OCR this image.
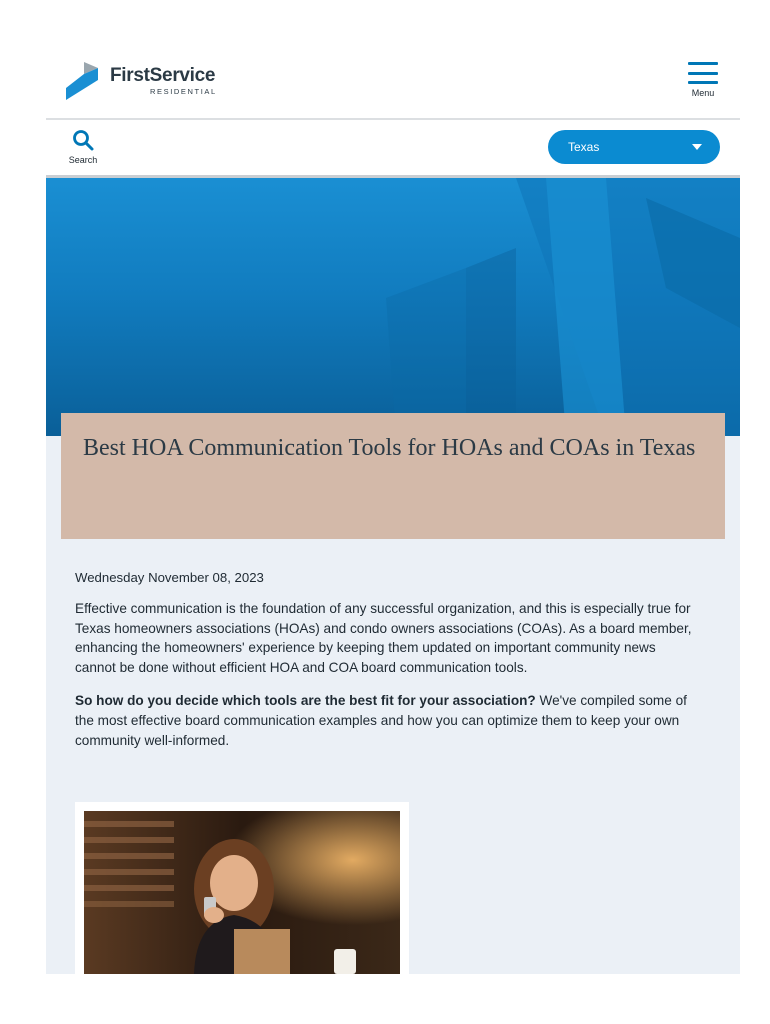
FirstService
RESIDENTIAL	Menu
Search
Texas
Best HOA Communication Tools for HOAs and COAs in Texas

Wednesday November 08, 2023

Effective communication is the foundation of any successful organization, and this is especially true for Texas homeowners associations (HOAs) and condo owners associations (COAs). As a board member, enhancing the homeowners' experience by keeping them updated on important community news cannot be done without efficient HOA and COA board communication tools.

So how do you decide which tools are the best fit for your association? We've compiled some of the most effective board communication examples and how you can optimize them to keep your own community well-informed.
